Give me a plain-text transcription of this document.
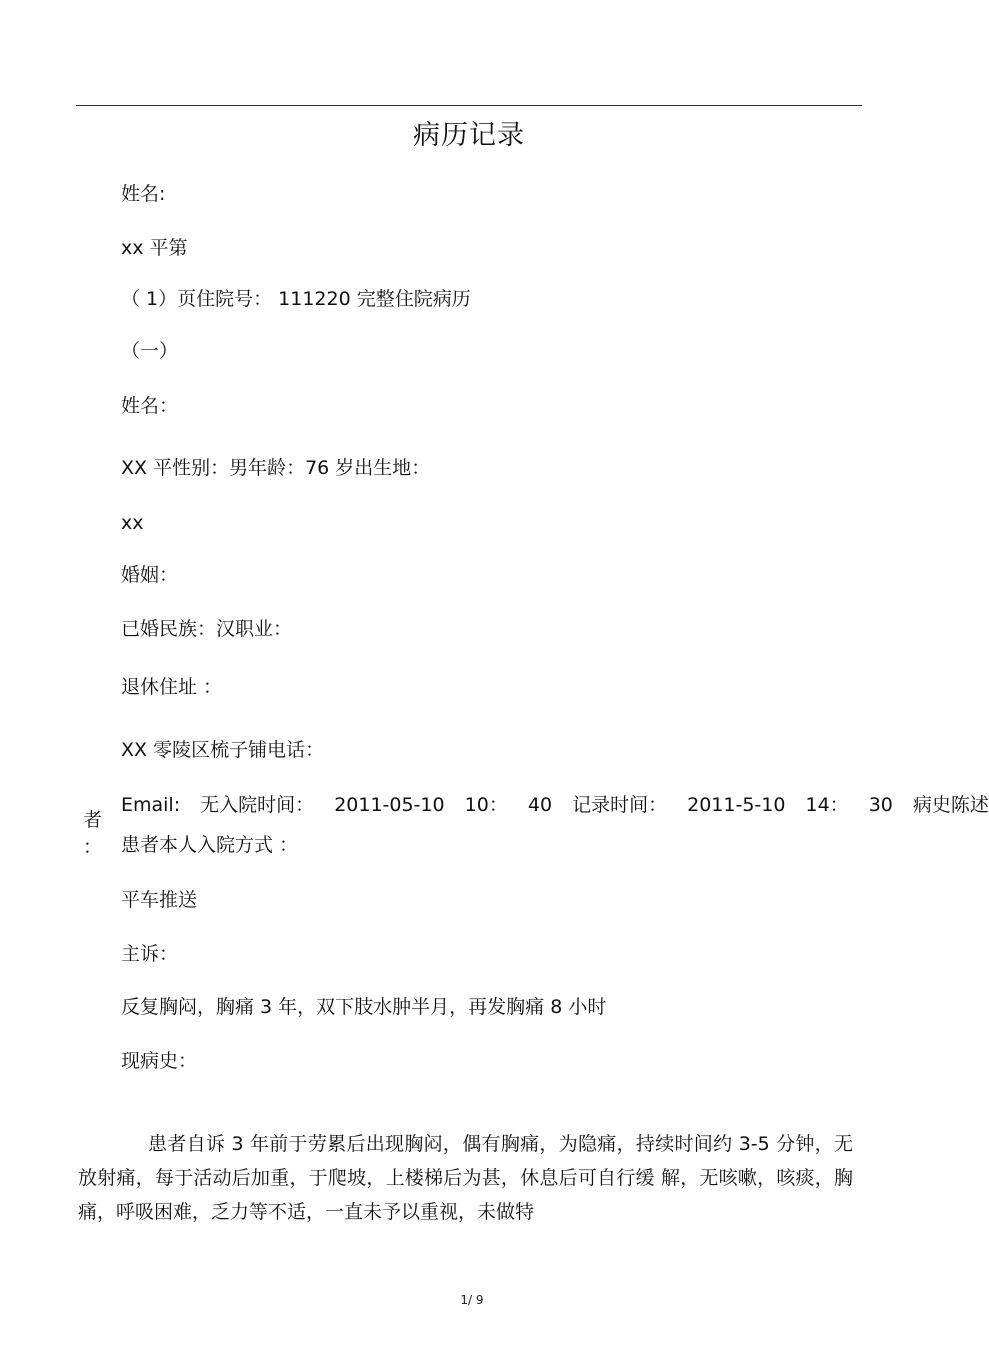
病历记录
姓名:
xx 平第
（ 1）页住院号： 111220 完整住院病历
（一）
姓名：
XX 平性别：男年龄：76 岁出生地：
xx
婚姻：
已婚民族：汉职业：
退休住址 ：
XX 零陵区梳子铺电话：
Email: 无入院时间： 2011-05-10 10： 40 记录时间： 2011-5-10 14： 30 病史陈述
者
： 患者本人入院方式 ：
平车推送
主诉：
反复胸闷，胸痛 3 年，双下肢水肿半月，再发胸痛 8 小时
现病史：
患者自诉 3 年前于劳累后出现胸闷，偶有胸痛，为隐痛，持续时间约 3-5 分钟，无放射痛，每于活动后加重，于爬坡，上楼梯后为甚，休息后可自行缓 解，无咳嗽，咳痰，胸痛，呼吸困难，乏力等不适，一直未予以重视，未做特
1/ 9
